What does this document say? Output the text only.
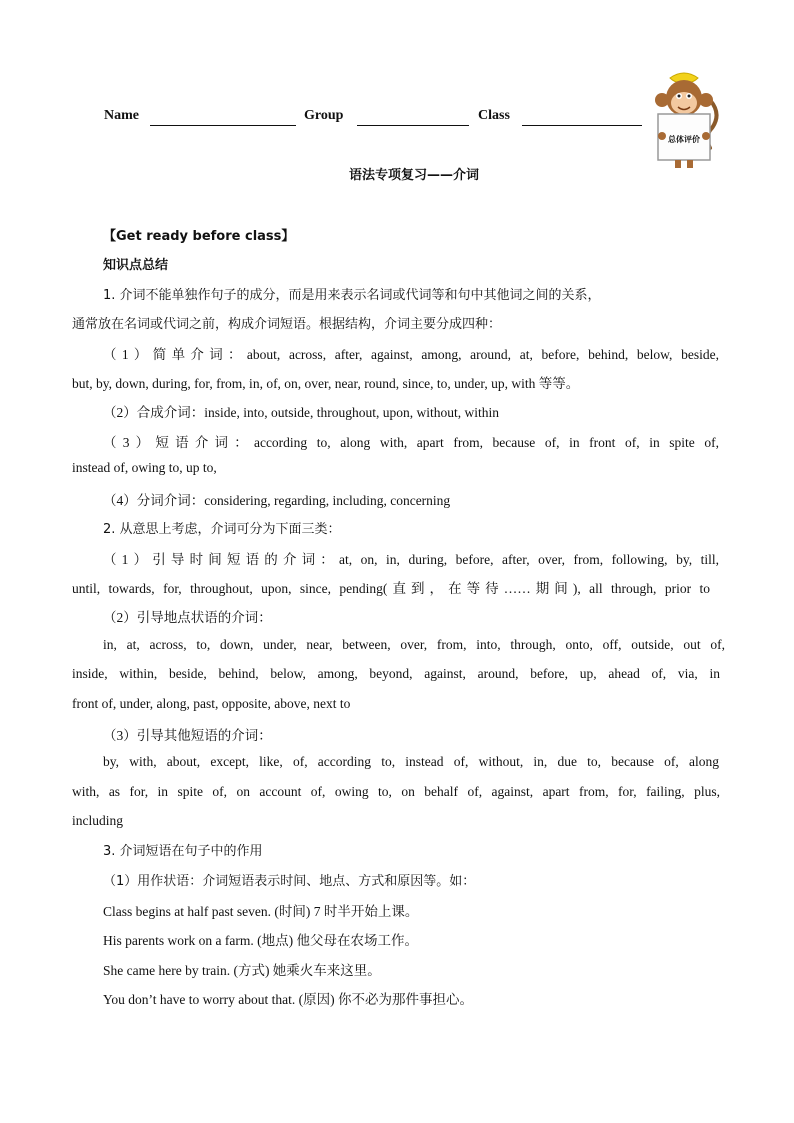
Name	Group	Class
总体评价
语法专项复习——介词
【Get ready before class】
知识点总结
1. 介词不能单独作句子的成分，而是用来表示名词或代词等和句中其他词之间的关系，
通常放在名词或代词之前，构成介词短语。根据结构，介词主要分成四种：
（1）简单介词：about, across, after, against, among, around, at, before, behind, below, beside,
but, by, down, during, for, from, in, of, on, over, near, round, since, to, under, up, with 等等。
（2）合成介词：inside, into, outside, throughout, upon, without, within
（3）短语介词：according to, along with, apart from, because of, in front of, in spite of,
instead of, owing to, up to,
（4）分词介词：considering, regarding, including, concerning
2. 从意思上考虑，介词可分为下面三类：
（1）引导时间短语的介词：at, on, in, during, before, after, over, from, following, by, till,
until, towards, for, throughout, upon, since, pending(直到，在等待……期间), all through, prior to
（2）引导地点状语的介词：
in, at, across, to, down, under, near, between, over, from, into, through, onto, off, outside, out of,
inside, within, beside, behind, below, among, beyond, against, around, before, up, ahead of, via, in
front of, under, along, past, opposite, above, next to
（3）引导其他短语的介词：
by, with, about, except, like, of, according to, instead of, without, in, due to, because of, along
with, as for, in spite of, on account of, owing to, on behalf of, against, apart from, for, failing, plus,
including
3. 介词短语在句子中的作用
（1）用作状语：介词短语表示时间、地点、方式和原因等。如：
Class begins at half past seven. (时间) 7 时半开始上课。
His parents work on a farm. (地点) 他父母在农场工作。
She came here by train. (方式) 她乘火车来这里。
You don’t have to worry about that. (原因) 你不必为那件事担心。
